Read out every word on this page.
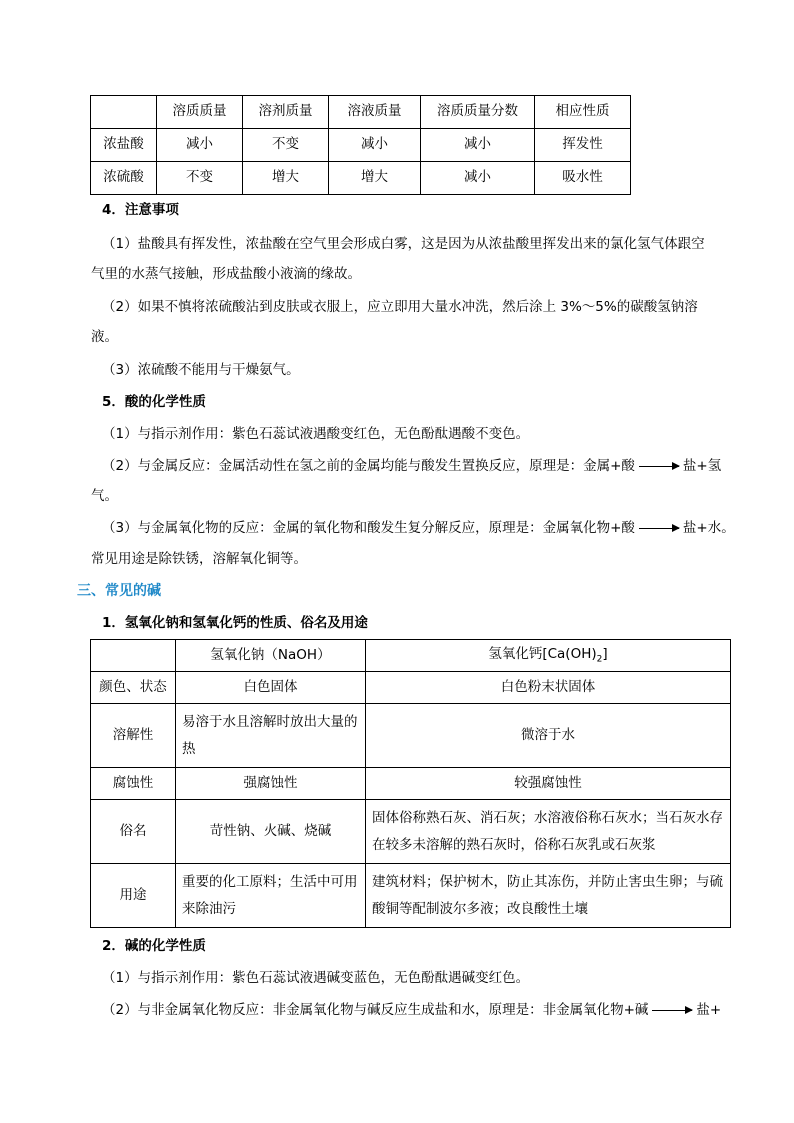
	溶质质量	溶剂质量	溶液质量	溶质质量分数	相应性质
浓盐酸	减小	不变	减小	减小	挥发性
浓硫酸	不变	增大	增大	减小	吸水性
4．注意事项
（1）盐酸具有挥发性，浓盐酸在空气里会形成白雾，这是因为从浓盐酸里挥发出来的氯化氢气体跟空
气里的水蒸气接触，形成盐酸小液滴的缘故。
（2）如果不慎将浓硫酸沾到皮肤或衣服上，应立即用大量水冲洗，然后涂上 3%～5%的碳酸氢钠溶
液。
（3）浓硫酸不能用与干燥氨气。
5．酸的化学性质
（1）与指示剂作用：紫色石蕊试液遇酸变红色，无色酚酞遇酸不变色。
（2）与金属反应：金属活动性在氢之前的金属均能与酸发生置换反应，原理是：金属+酸 → 盐+氢
气。
（3）与金属氧化物的反应：金属的氧化物和酸发生复分解反应，原理是：金属氧化物+酸 → 盐+水。
常见用途是除铁锈，溶解氧化铜等。
三、常见的碱
1．氢氧化钠和氢氧化钙的性质、俗名及用途
	氢氧化钠（NaOH）	氢氧化钙$[Ca(OH)_2]$
颜色、状态	白色固体	白色粉末状固体
溶解性	易溶于水且溶解时放出大量的热	微溶于水
腐蚀性	强腐蚀性	较强腐蚀性
俗名	苛性钠、火碱、烧碱	固体俗称熟石灰、消石灰；水溶液俗称石灰水；当石灰水存在较多未溶解的熟石灰时，俗称石灰乳或石灰浆
用途	重要的化工原料；生活中可用来除油污	建筑材料；保护树木，防止其冻伤，并防止害虫生卵；与硫酸铜等配制波尔多液；改良酸性土壤
2．碱的化学性质
（1）与指示剂作用：紫色石蕊试液遇碱变蓝色，无色酚酞遇碱变红色。
（2）与非金属氧化物反应：非金属氧化物与碱反应生成盐和水，原理是：非金属氧化物+碱 → 盐+
